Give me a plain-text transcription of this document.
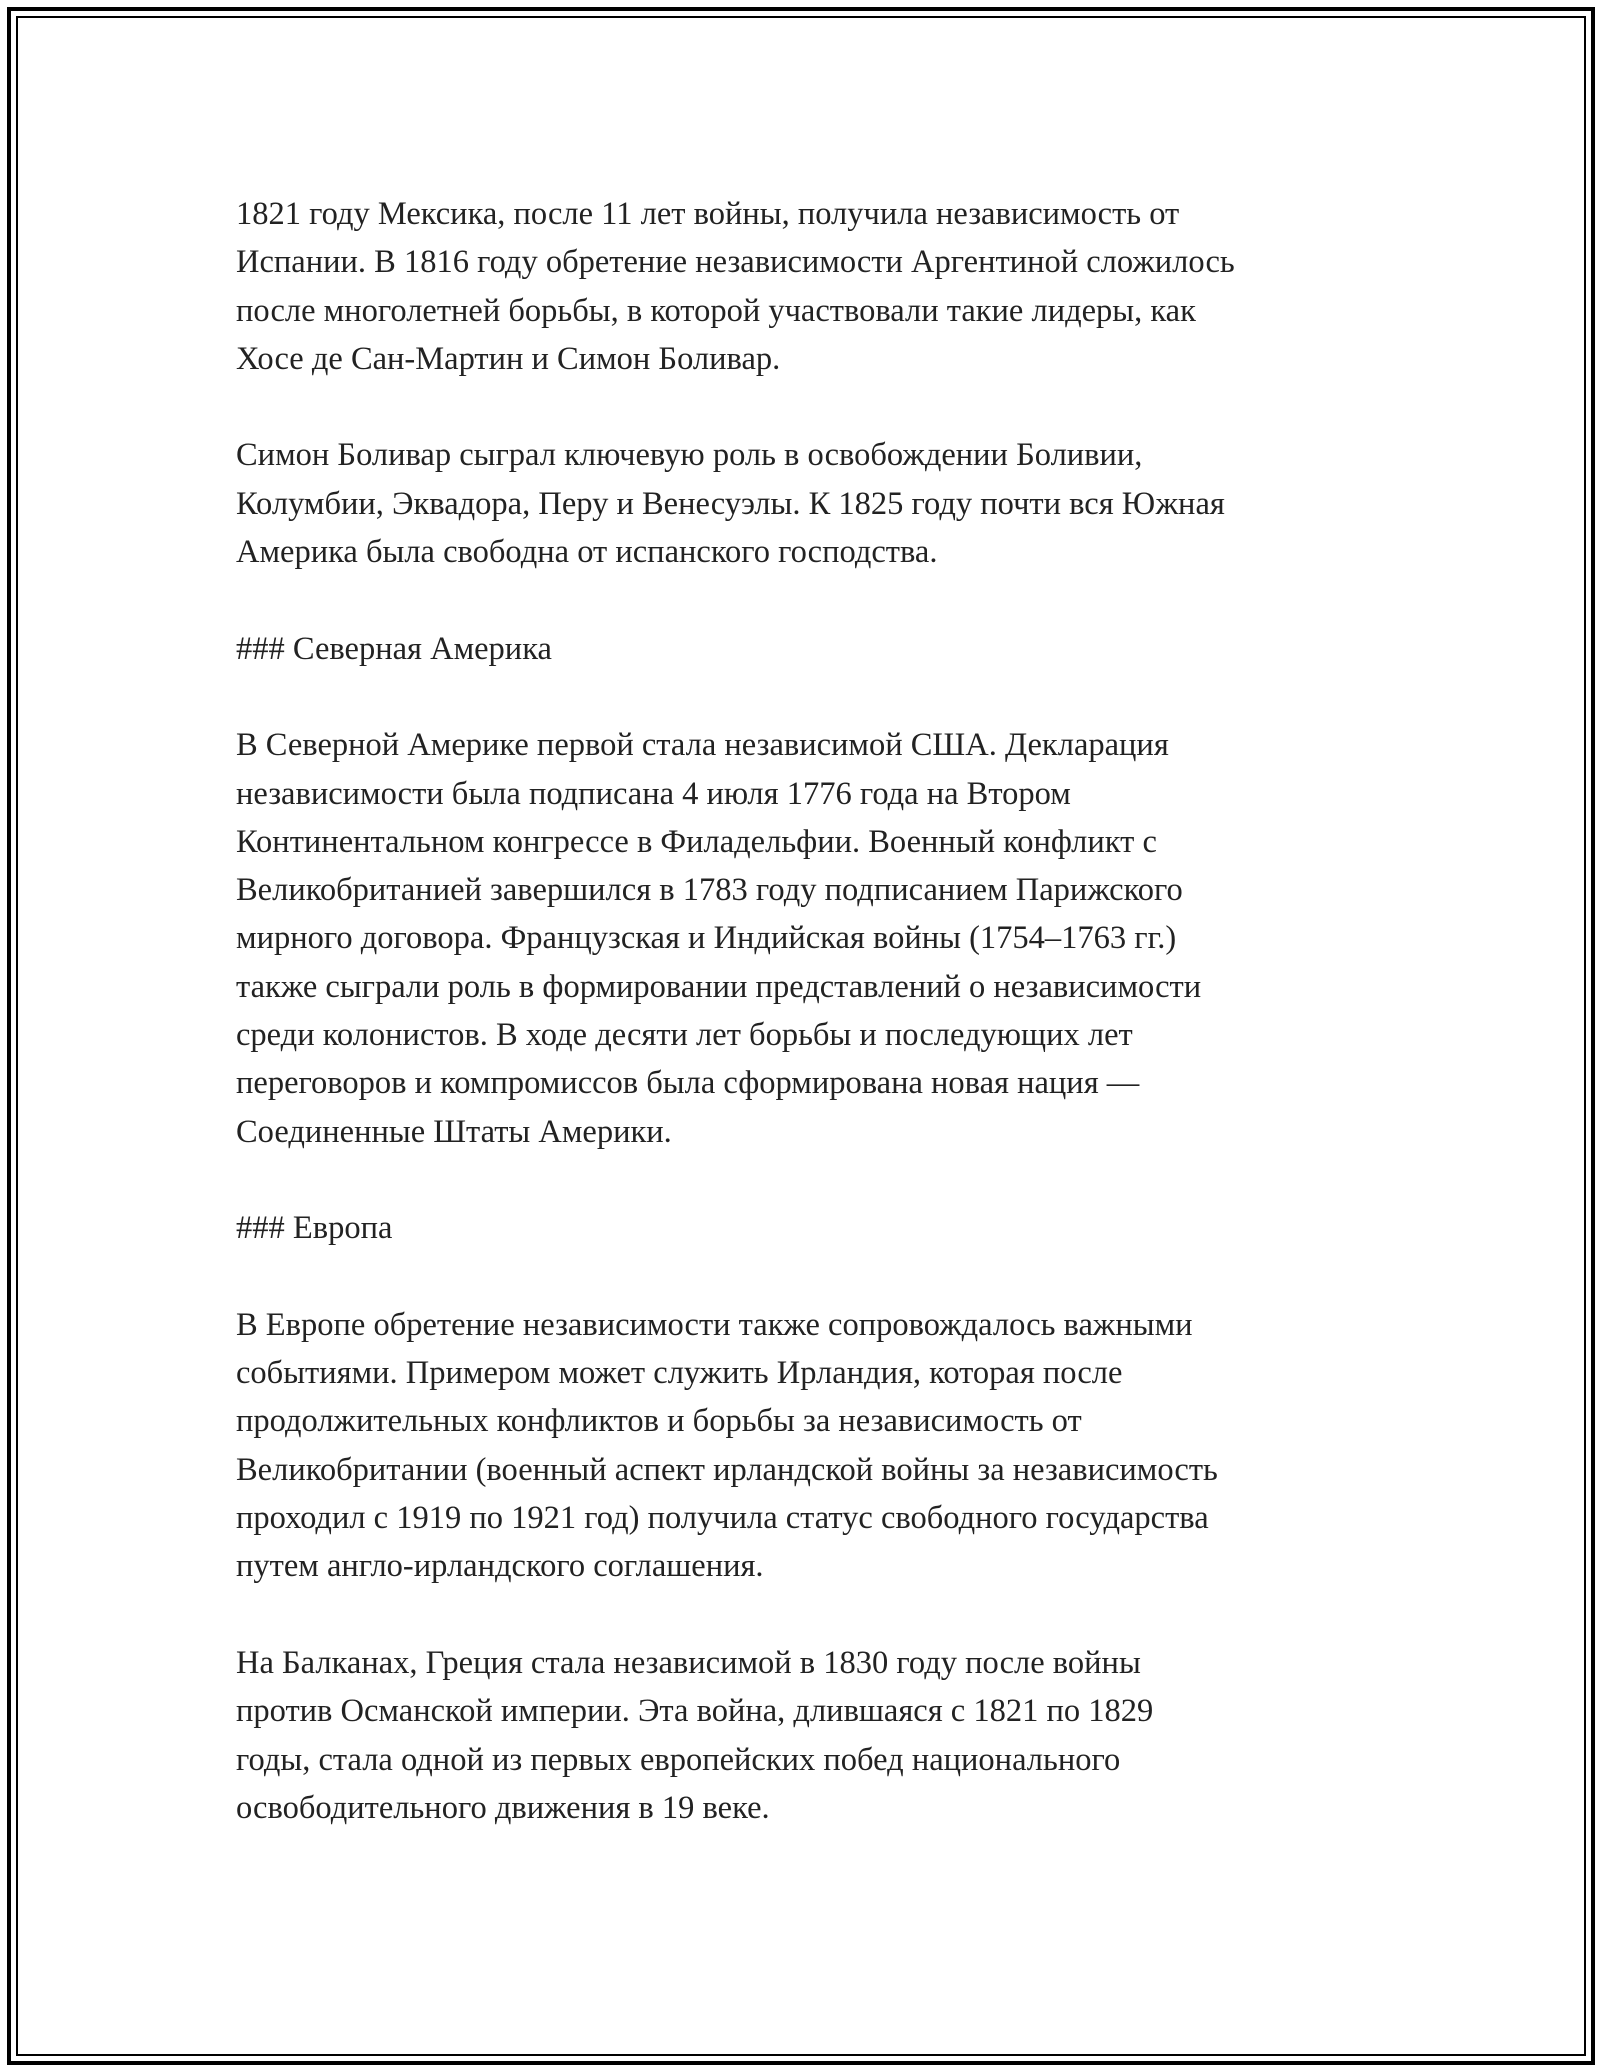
1821 году Мексика, после 11 лет войны, получила независимость от
Испании. В 1816 году обретение независимости Аргентиной сложилось
после многолетней борьбы, в которой участвовали такие лидеры, как
Хосе де Сан-Мартин и Симон Боливар.

Симон Боливар сыграл ключевую роль в освобождении Боливии,
Колумбии, Эквадора, Перу и Венесуэлы. К 1825 году почти вся Южная
Америка была свободна от испанского господства.

### Северная Америка

В Северной Америке первой стала независимой США. Декларация
независимости была подписана 4 июля 1776 года на Втором
Континентальном конгрессе в Филадельфии. Военный конфликт с
Великобританией завершился в 1783 году подписанием Парижского
мирного договора. Французская и Индийская войны (1754–1763 гг.)
также сыграли роль в формировании представлений о независимости
среди колонистов. В ходе десяти лет борьбы и последующих лет
переговоров и компромиссов была сформирована новая нация —
Соединенные Штаты Америки.

### Европа

В Европе обретение независимости также сопровождалось важными
событиями. Примером может служить Ирландия, которая после
продолжительных конфликтов и борьбы за независимость от
Великобритании (военный аспект ирландской войны за независимость
проходил с 1919 по 1921 год) получила статус свободного государства
путем англо-ирландского соглашения.

На Балканах, Греция стала независимой в 1830 году после войны
против Османской империи. Эта война, длившаяся с 1821 по 1829
годы, стала одной из первых европейских побед национального
освободительного движения в 19 веке.
